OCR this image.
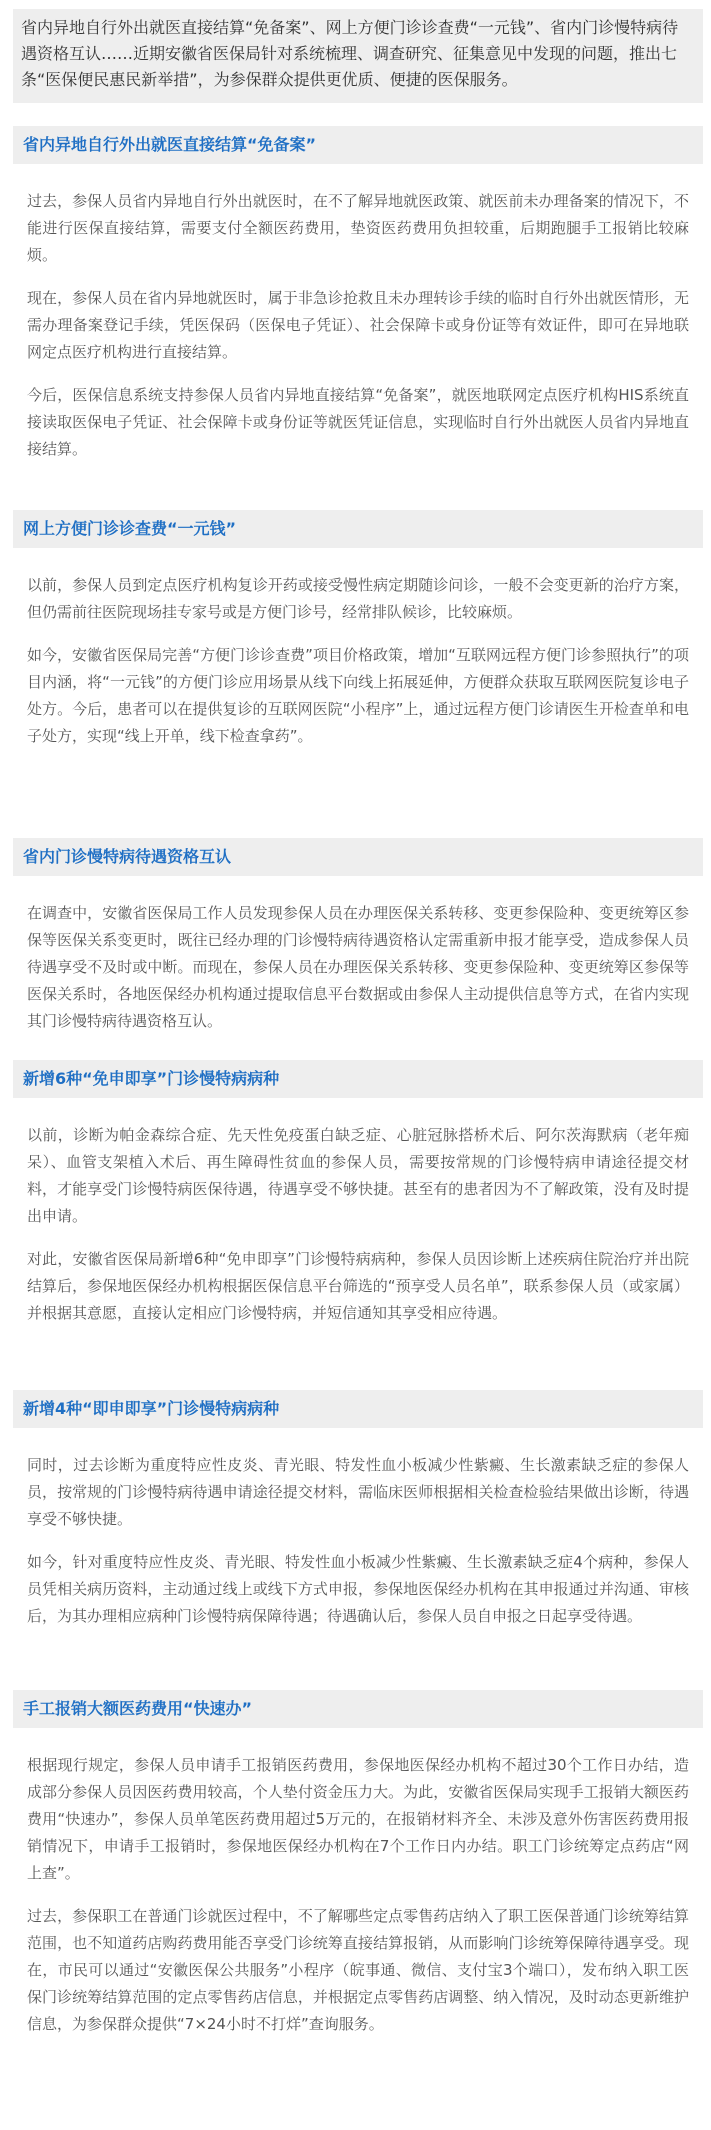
省内异地自行外出就医直接结算“免备案”、网上方便门诊诊查费“一元钱”、省内门诊慢特病待遇资格互认……近期安徽省医保局针对系统梳理、调查研究、征集意见中发现的问题，推出七条“医保便民惠民新举措”，为参保群众提供更优质、便捷的医保服务。

省内异地自行外出就医直接结算“免备案”

过去，参保人员省内异地自行外出就医时，在不了解异地就医政策、就医前未办理备案的情况下，不能进行医保直接结算，需要支付全额医药费用，垫资医药费用负担较重，后期跑腿手工报销比较麻烦。

现在，参保人员在省内异地就医时，属于非急诊抢救且未办理转诊手续的临时自行外出就医情形，无需办理备案登记手续，凭医保码（医保电子凭证）、社会保障卡或身份证等有效证件，即可在异地联网定点医疗机构进行直接结算。

今后，医保信息系统支持参保人员省内异地直接结算“免备案”，就医地联网定点医疗机构HIS系统直接读取医保电子凭证、社会保障卡或身份证等就医凭证信息，实现临时自行外出就医人员省内异地直接结算。

网上方便门诊诊查费“一元钱”

以前，参保人员到定点医疗机构复诊开药或接受慢性病定期随诊问诊，一般不会变更新的治疗方案，但仍需前往医院现场挂专家号或是方便门诊号，经常排队候诊，比较麻烦。

如今，安徽省医保局完善“方便门诊诊查费”项目价格政策，增加“互联网远程方便门诊参照执行”的项目内涵，将“一元钱”的方便门诊应用场景从线下向线上拓展延伸，方便群众获取互联网医院复诊电子处方。今后，患者可以在提供复诊的互联网医院“小程序”上，通过远程方便门诊请医生开检查单和电子处方，实现“线上开单，线下检查拿药”。

省内门诊慢特病待遇资格互认

在调查中，安徽省医保局工作人员发现参保人员在办理医保关系转移、变更参保险种、变更统筹区参保等医保关系变更时，既往已经办理的门诊慢特病待遇资格认定需重新申报才能享受，造成参保人员待遇享受不及时或中断。而现在，参保人员在办理医保关系转移、变更参保险种、变更统筹区参保等医保关系时，各地医保经办机构通过提取信息平台数据或由参保人主动提供信息等方式，在省内实现其门诊慢特病待遇资格互认。

新增6种“免申即享”门诊慢特病病种

以前，诊断为帕金森综合症、先天性免疫蛋白缺乏症、心脏冠脉搭桥术后、阿尔茨海默病（老年痴呆）、血管支架植入术后、再生障碍性贫血的参保人员，需要按常规的门诊慢特病申请途径提交材料，才能享受门诊慢特病医保待遇，待遇享受不够快捷。甚至有的患者因为不了解政策，没有及时提出申请。

对此，安徽省医保局新增6种“免申即享”门诊慢特病病种，参保人员因诊断上述疾病住院治疗并出院结算后，参保地医保经办机构根据医保信息平台筛选的“预享受人员名单”，联系参保人员（或家属）并根据其意愿，直接认定相应门诊慢特病，并短信通知其享受相应待遇。

新增4种“即申即享”门诊慢特病病种

同时，过去诊断为重度特应性皮炎、青光眼、特发性血小板减少性紫癜、生长激素缺乏症的参保人员，按常规的门诊慢特病待遇申请途径提交材料，需临床医师根据相关检查检验结果做出诊断，待遇享受不够快捷。

如今，针对重度特应性皮炎、青光眼、特发性血小板减少性紫癜、生长激素缺乏症4个病种，参保人员凭相关病历资料，主动通过线上或线下方式申报，参保地医保经办机构在其申报通过并沟通、审核后，为其办理相应病种门诊慢特病保障待遇；待遇确认后，参保人员自申报之日起享受待遇。

手工报销大额医药费用“快速办”

根据现行规定，参保人员申请手工报销医药费用，参保地医保经办机构不超过30个工作日办结，造成部分参保人员因医药费用较高，个人垫付资金压力大。为此，安徽省医保局实现手工报销大额医药费用“快速办”，参保人员单笔医药费用超过5万元的，在报销材料齐全、未涉及意外伤害医药费用报销情况下，申请手工报销时，参保地医保经办机构在7个工作日内办结。职工门诊统筹定点药店“网上查”。

过去，参保职工在普通门诊就医过程中，不了解哪些定点零售药店纳入了职工医保普通门诊统筹结算范围，也不知道药店购药费用能否享受门诊统筹直接结算报销，从而影响门诊统筹保障待遇享受。现在，市民可以通过“安徽医保公共服务”小程序（皖事通、微信、支付宝3个端口），发布纳入职工医保门诊统筹结算范围的定点零售药店信息，并根据定点零售药店调整、纳入情况，及时动态更新维护信息，为参保群众提供“7×24小时不打烊”查询服务。
